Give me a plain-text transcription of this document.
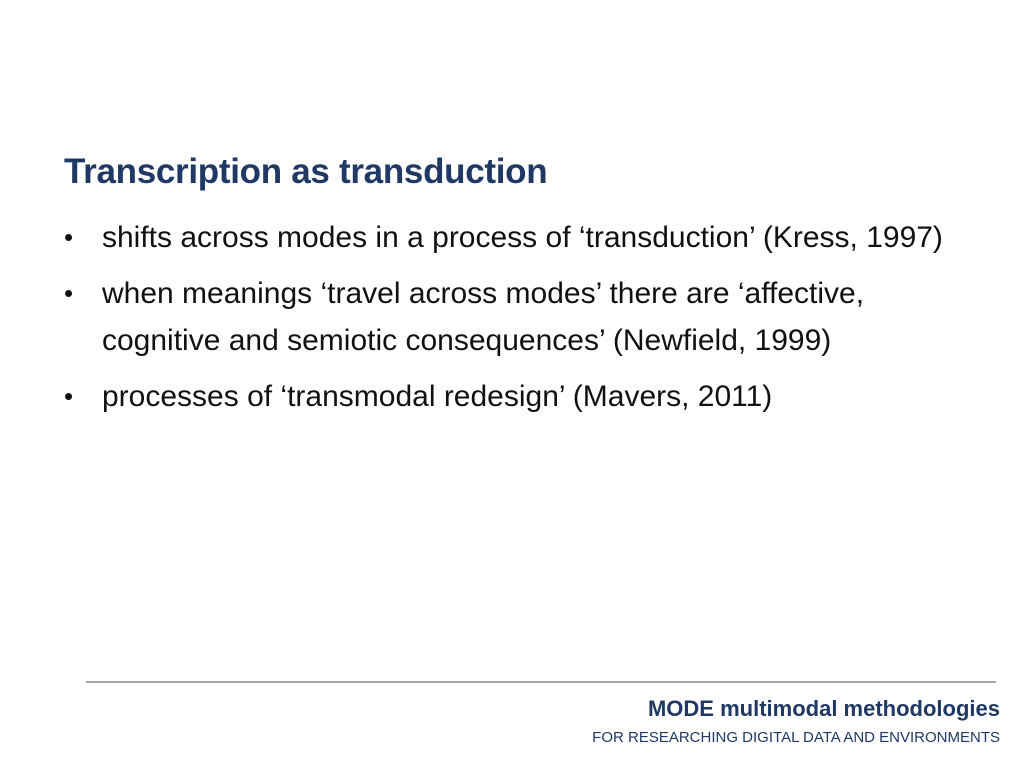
Transcription as transduction
• shifts across modes in a process of ‘transduction’ (Kress, 1997)
• when meanings ‘travel across modes’ there are ‘affective, cognitive and semiotic consequences’ (Newfield, 1999)
• processes of ‘transmodal redesign’ (Mavers, 2011)
MODE multimodal methodologies
FOR RESEARCHING DIGITAL DATA AND ENVIRONMENTS
